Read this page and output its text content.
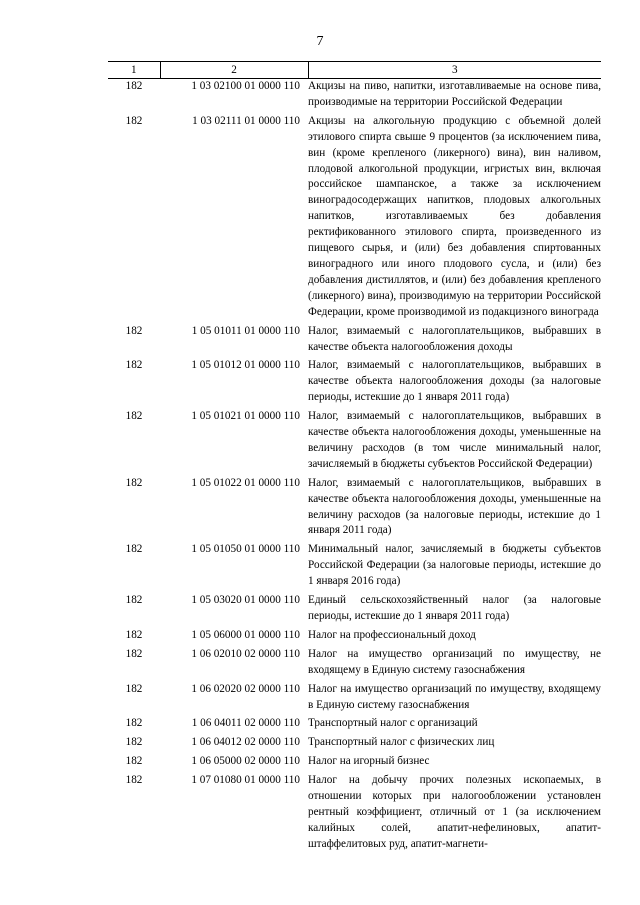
7
1	2	3
182	1 03 02100 01 0000 110	Акцизы на пиво, напитки, изготавливаемые на основе пива, производимые на территории Российской Федерации
182	1 03 02111 01 0000 110	Акцизы на алкогольную продукцию с объемной долей этилового спирта свыше 9 процентов (за исключением пива, вин (кроме крепленого (ликерного) вина), вин наливом, плодовой алкогольной продукции, игристых вин, включая российское шампанское, а также за исключением виноградосодержащих напитков, плодовых алкогольных напитков, изготавливаемых без добавления ректификованного этилового спирта, произведенного из пищевого сырья, и (или) без добавления спиртованных виноградного или иного плодового сусла, и (или) без добавления дистиллятов, и (или) без добавления крепленого (ликерного) вина), производимую на территории Российской Федерации, кроме производимой из подакцизного винограда
182	1 05 01011 01 0000 110	Налог, взимаемый с налогоплательщиков, выбравших в качестве объекта налогообложения доходы
182	1 05 01012 01 0000 110	Налог, взимаемый с налогоплательщиков, выбравших в качестве объекта налогообложения доходы (за налоговые периоды, истекшие до 1 января 2011 года)
182	1 05 01021 01 0000 110	Налог, взимаемый с налогоплательщиков, выбравших в качестве объекта налогообложения доходы, уменьшенные на величину расходов (в том числе минимальный налог, зачисляемый в бюджеты субъектов Российской Федерации)
182	1 05 01022 01 0000 110	Налог, взимаемый с налогоплательщиков, выбравших в качестве объекта налогообложения доходы, уменьшенные на величину расходов (за налоговые периоды, истекшие до 1 января 2011 года)
182	1 05 01050 01 0000 110	Минимальный налог, зачисляемый в бюджеты субъектов Российской Федерации (за налоговые периоды, истекшие до 1 января 2016 года)
182	1 05 03020 01 0000 110	Единый сельскохозяйственный налог (за налоговые периоды, истекшие до 1 января 2011 года)
182	1 05 06000 01 0000 110	Налог на профессиональный доход
182	1 06 02010 02 0000 110	Налог на имущество организаций по имуществу, не входящему в Единую систему газоснабжения
182	1 06 02020 02 0000 110	Налог на имущество организаций по имуществу, входящему в Единую систему газоснабжения
182	1 06 04011 02 0000 110	Транспортный налог с организаций
182	1 06 04012 02 0000 110	Транспортный налог с физических лиц
182	1 06 05000 02 0000 110	Налог на игорный бизнес
182	1 07 01080 01 0000 110	Налог на добычу прочих полезных ископаемых, в отношении которых при налогообложении установлен рентный коэффициент, отличный от 1 (за исключением калийных солей, апатит-нефелиновых, апатит-штаффелитовых руд, апатит-магнети-
